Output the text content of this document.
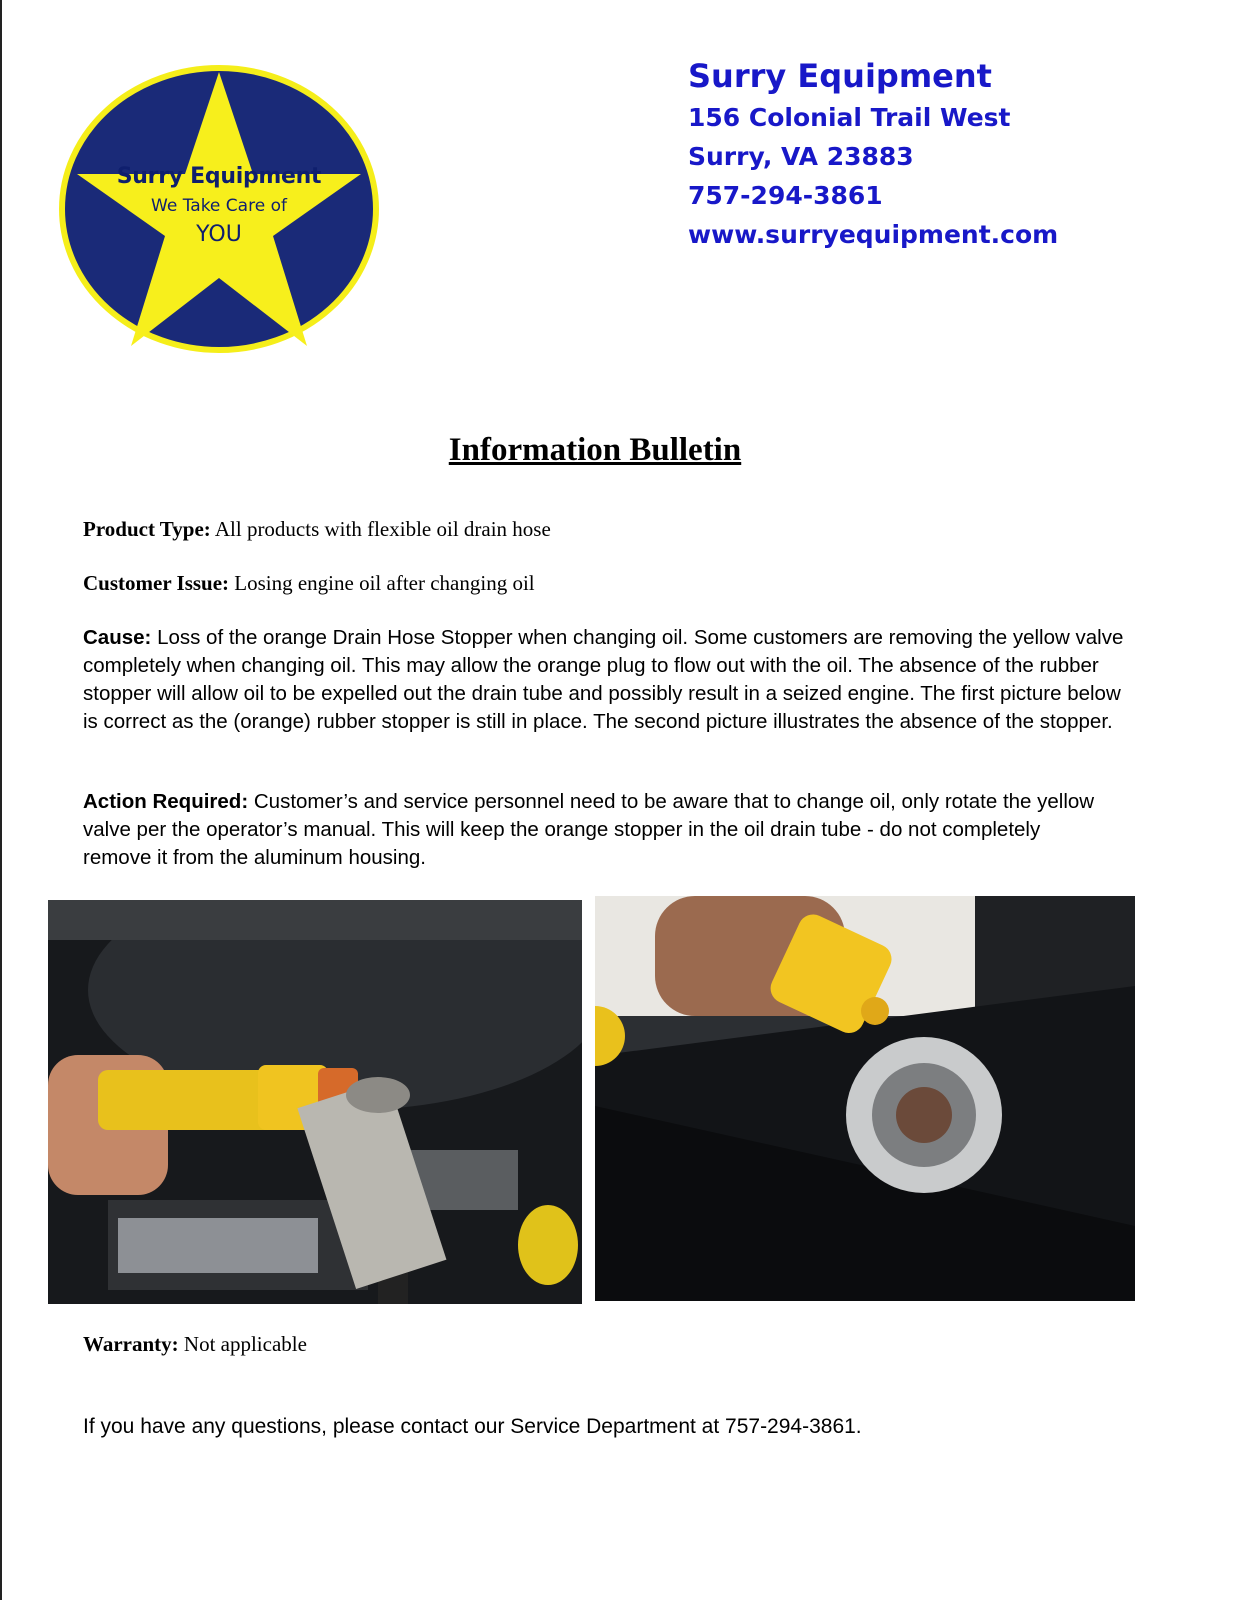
Surry Equipment
We Take Care of
YOU
Surry Equipment
156 Colonial Trail West
Surry, VA 23883
757-294-3861
www.surryequipment.com
Information Bulletin
Product Type: All products with flexible oil drain hose
Customer Issue: Losing engine oil after changing oil
Cause: Loss of the orange Drain Hose Stopper when changing oil. Some customers are removing the yellow valve completely when changing oil. This may allow the orange plug to flow out with the oil. The absence of the rubber stopper will allow oil to be expelled out the drain tube and possibly result in a seized engine. The first picture below is correct as the (orange) rubber stopper is still in place. The second picture illustrates the absence of the stopper.
Action Required: Customer’s and service personnel need to be aware that to change oil, only rotate the yellow valve per the operator’s manual. This will keep the orange stopper in the oil drain tube - do not completely remove it from the aluminum housing.
Warranty: Not applicable
If you have any questions, please contact our Service Department at 757-294-3861.
